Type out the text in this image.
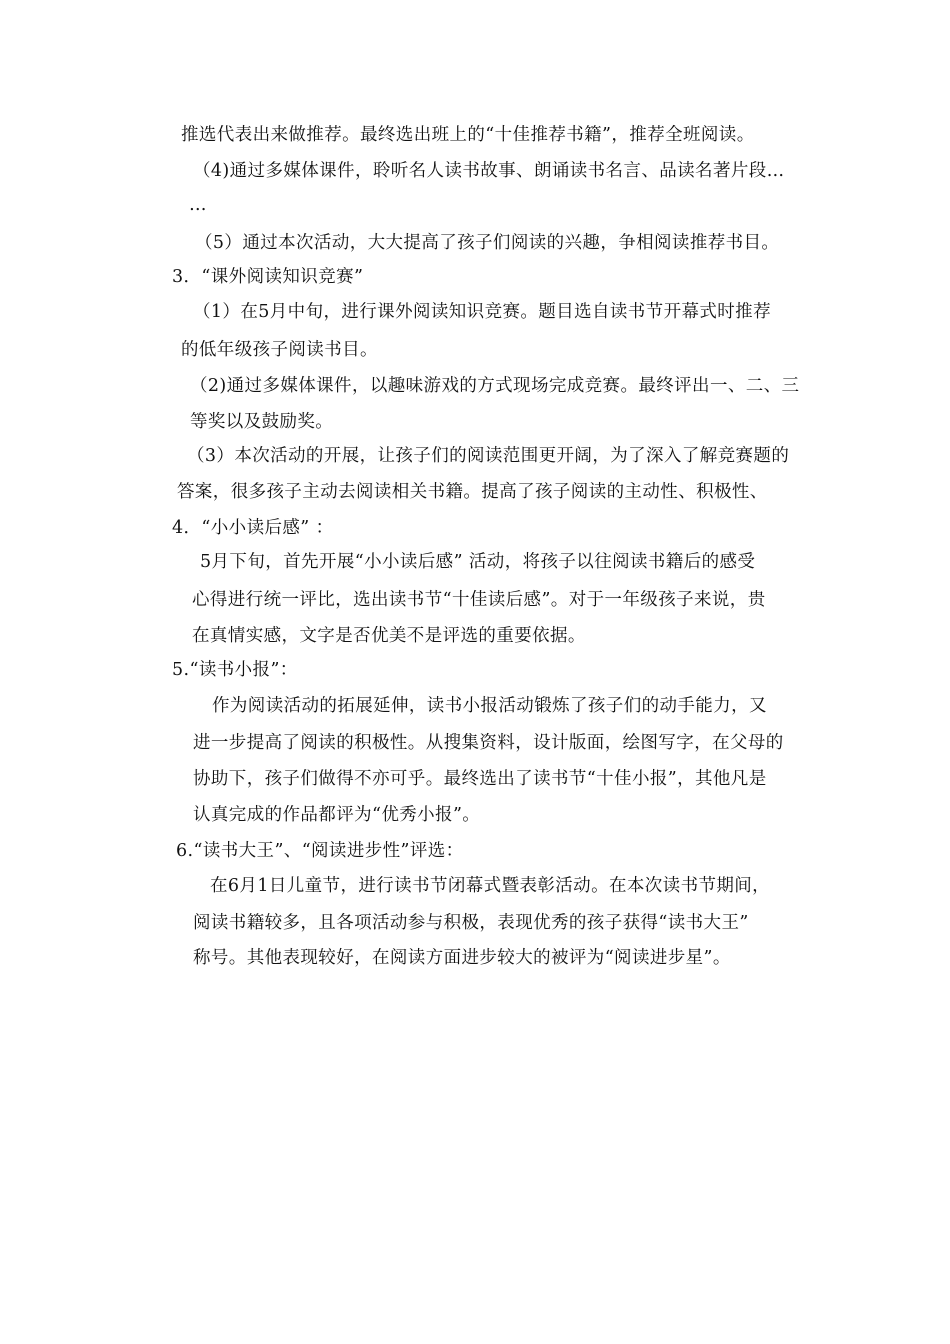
推选代表出来做推荐。最终选出班上的“十佳推荐书籍”，推荐全班阅读。
（4)通过多媒体课件，聆听名人读书故事、朗诵读书名言、品读名著片段…
…
（5）通过本次活动，大大提高了孩子们阅读的兴趣，争相阅读推荐书目。
3．“课外阅读知识竞赛”
（1）在5月中旬，进行课外阅读知识竞赛。题目选自读书节开幕式时推荐
的低年级孩子阅读书目。
（2)通过多媒体课件，以趣味游戏的方式现场完成竞赛。最终评出一、二、三
等奖以及鼓励奖。
（3）本次活动的开展，让孩子们的阅读范围更开阔，为了深入了解竞赛题的
答案，很多孩子主动去阅读相关书籍。提高了孩子阅读的主动性、积极性、
4．“小小读后感” ：
5月下旬，首先开展“小小读后感” 活动，将孩子以往阅读书籍后的感受
心得进行统一评比，选出读书节“十佳读后感”。对于一年级孩子来说，贵
在真情实感，文字是否优美不是评选的重要依据。
5.“读书小报”：
作为阅读活动的拓展延伸，读书小报活动锻炼了孩子们的动手能力，又
进一步提高了阅读的积极性。从搜集资料，设计版面，绘图写字，在父母的
协助下，孩子们做得不亦可乎。最终选出了读书节“十佳小报”，其他凡是
认真完成的作品都评为“优秀小报”。
6.“读书大王”、“阅读进步性”评选：
在6月1日儿童节，进行读书节闭幕式暨表彰活动。在本次读书节期间，
阅读书籍较多，且各项活动参与积极，表现优秀的孩子获得“读书大王”
称号。其他表现较好，在阅读方面进步较大的被评为“阅读进步星”。
